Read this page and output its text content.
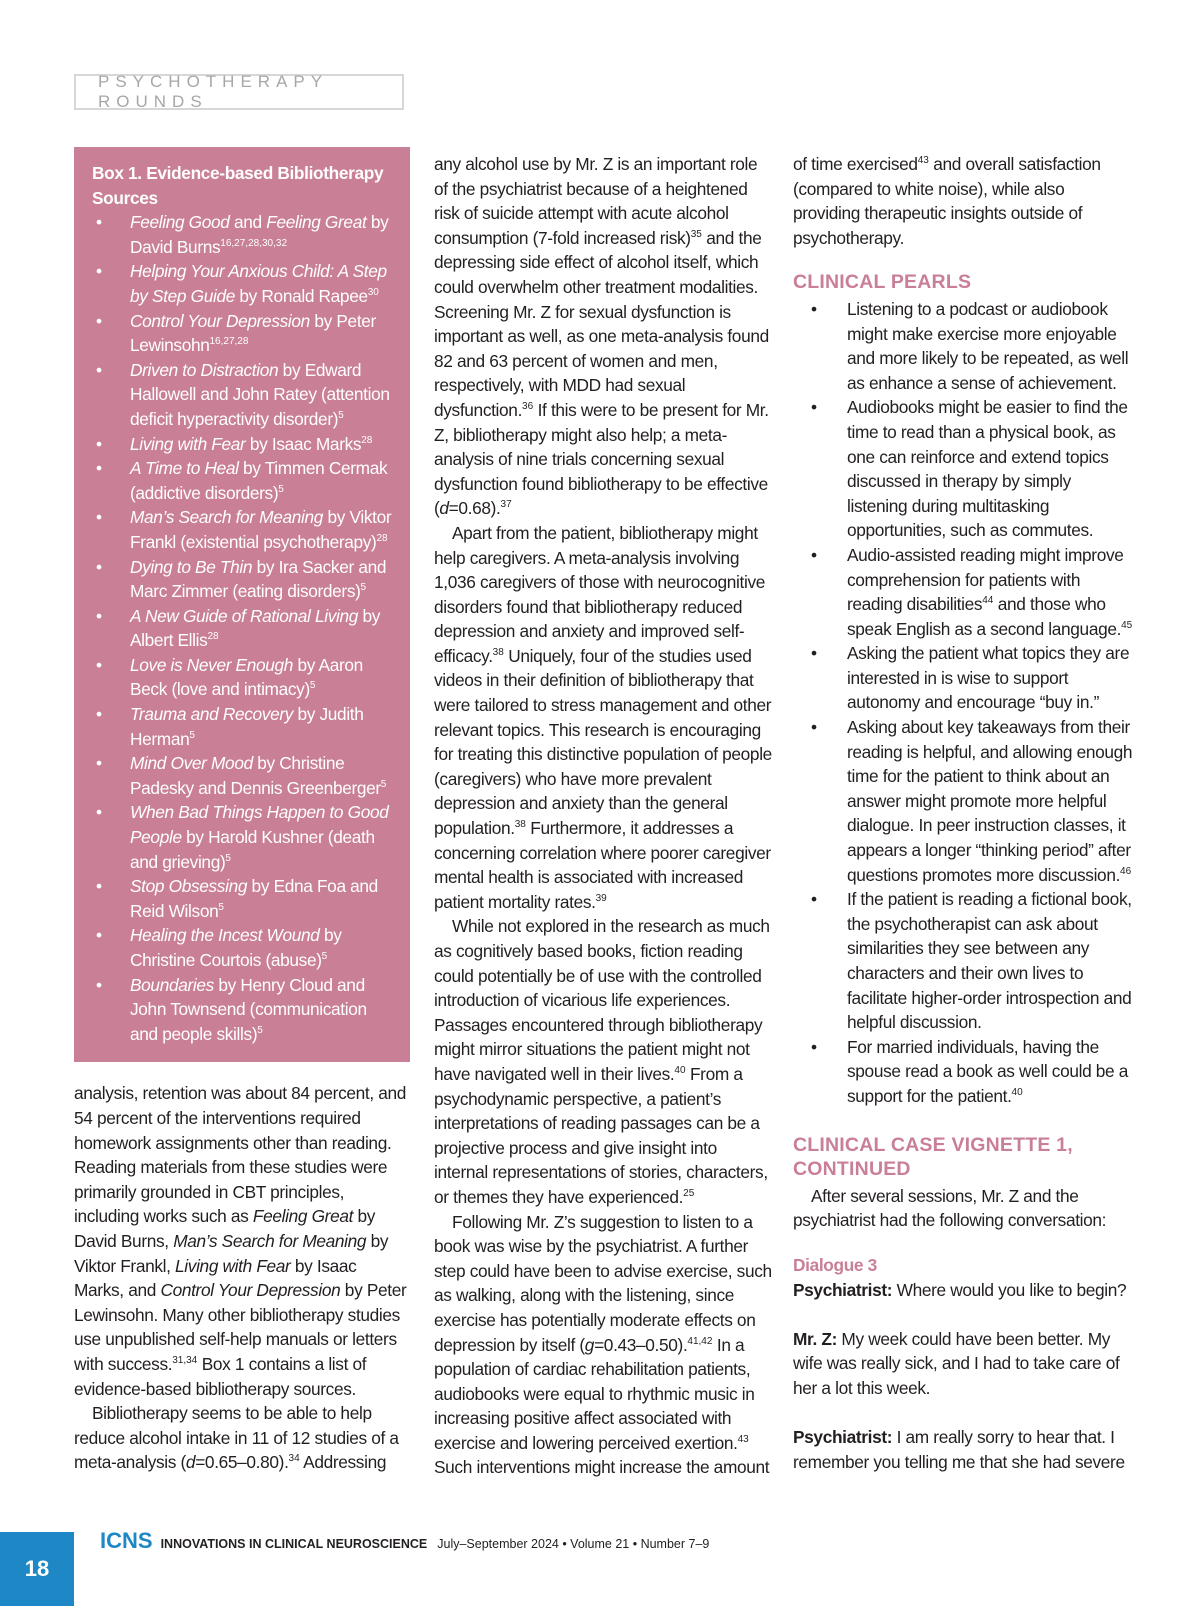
PSYCHOTHERAPY ROUNDS
Box 1. Evidence-based Bibliotherapy Sources
• Feeling Good and Feeling Great by David Burns$^{16,27,28,30,32}$
• Helping Your Anxious Child: A Step by Step Guide by Ronald Rapee$^{30}$
• Control Your Depression by Peter Lewinsohn$^{16,27,28}$
• Driven to Distraction by Edward Hallowell and John Ratey (attention deficit hyperactivity disorder)$^5$
• Living with Fear by Isaac Marks$^{28}$
• A Time to Heal by Timmen Cermak (addictive disorders)$^5$
• Man’s Search for Meaning by Viktor Frankl (existential psychotherapy)$^{28}$
• Dying to Be Thin by Ira Sacker and Marc Zimmer (eating disorders)$^5$
• A New Guide of Rational Living by Albert Ellis$^{28}$
• Love is Never Enough by Aaron Beck (love and intimacy)$^5$
• Trauma and Recovery by Judith Herman$^5$
• Mind Over Mood by Christine Padesky and Dennis Greenberger$^5$
• When Bad Things Happen to Good People by Harold Kushner (death and grieving)$^5$
• Stop Obsessing by Edna Foa and Reid Wilson$^5$
• Healing the Incest Wound by Christine Courtois (abuse)$^5$
• Boundaries by Henry Cloud and John Townsend (communication and people skills)$^5$

analysis, retention was about 84 percent, and 54 percent of the interventions required homework assignments other than reading. Reading materials from these studies were primarily grounded in CBT principles, including works such as Feeling Great by David Burns, Man’s Search for Meaning by Viktor Frankl, Living with Fear by Isaac Marks, and Control Your Depression by Peter Lewinsohn. Many other bibliotherapy studies use unpublished self-help manuals or letters with success.$^{31,34}$ Box 1 contains a list of evidence-based bibliotherapy sources.

Bibliotherapy seems to be able to help reduce alcohol intake in 11 of 12 studies of a meta-analysis (d=0.65–0.80).$^{34}$ Addressing

any alcohol use by Mr. Z is an important role of the psychiatrist because of a heightened risk of suicide attempt with acute alcohol consumption (7-fold increased risk)$^{35}$ and the depressing side effect of alcohol itself, which could overwhelm other treatment modalities. Screening Mr. Z for sexual dysfunction is important as well, as one meta-analysis found 82 and 63 percent of women and men, respectively, with MDD had sexual dysfunction.$^{36}$ If this were to be present for Mr. Z, bibliotherapy might also help; a meta-analysis of nine trials concerning sexual dysfunction found bibliotherapy to be effective (d=0.68).$^{37}$

Apart from the patient, bibliotherapy might help caregivers. A meta-analysis involving 1,036 caregivers of those with neurocognitive disorders found that bibliotherapy reduced depression and anxiety and improved self-efficacy.$^{38}$ Uniquely, four of the studies used videos in their definition of bibliotherapy that were tailored to stress management and other relevant topics. This research is encouraging for treating this distinctive population of people (caregivers) who have more prevalent depression and anxiety than the general population.$^{38}$ Furthermore, it addresses a concerning correlation where poorer caregiver mental health is associated with increased patient mortality rates.$^{39}$

While not explored in the research as much as cognitively based books, fiction reading could potentially be of use with the controlled introduction of vicarious life experiences. Passages encountered through bibliotherapy might mirror situations the patient might not have navigated well in their lives.$^{40}$ From a psychodynamic perspective, a patient’s interpretations of reading passages can be a projective process and give insight into internal representations of stories, characters, or themes they have experienced.$^{25}$

Following Mr. Z’s suggestion to listen to a book was wise by the psychiatrist. A further step could have been to advise exercise, such as walking, along with the listening, since exercise has potentially moderate effects on depression by itself (g=0.43–0.50).$^{41,42}$ In a population of cardiac rehabilitation patients, audiobooks were equal to rhythmic music in increasing positive affect associated with exercise and lowering perceived exertion.$^{43}$ Such interventions might increase the amount

of time exercised$^{43}$ and overall satisfaction (compared to white noise), while also providing therapeutic insights outside of psychotherapy.

CLINICAL PEARLS
• Listening to a podcast or audiobook might make exercise more enjoyable and more likely to be repeated, as well as enhance a sense of achievement.
• Audiobooks might be easier to find the time to read than a physical book, as one can reinforce and extend topics discussed in therapy by simply listening during multitasking opportunities, such as commutes.
• Audio-assisted reading might improve comprehension for patients with reading disabilities$^{44}$ and those who speak English as a second language.$^{45}$
• Asking the patient what topics they are interested in is wise to support autonomy and encourage “buy in.”
• Asking about key takeaways from their reading is helpful, and allowing enough time for the patient to think about an answer might promote more helpful dialogue. In peer instruction classes, it appears a longer “thinking period” after questions promotes more discussion.$^{46}$
• If the patient is reading a fictional book, the psychotherapist can ask about similarities they see between any characters and their own lives to facilitate higher-order introspection and helpful discussion.
• For married individuals, having the spouse read a book as well could be a support for the patient.$^{40}$
CLINICAL CASE VIGNETTE 1, CONTINUED

After several sessions, Mr. Z and the psychiatrist had the following conversation:

Dialogue 3

Psychiatrist: Where would you like to begin?

Mr. Z: My week could have been better. My wife was really sick, and I had to take care of her a lot this week.

Psychiatrist: I am really sorry to hear that. I remember you telling me that she had severe

18
ICNS INNOVATIONS IN CLINICAL NEUROSCIENCE July–September 2024 • Volume 21 • Number 7–9
